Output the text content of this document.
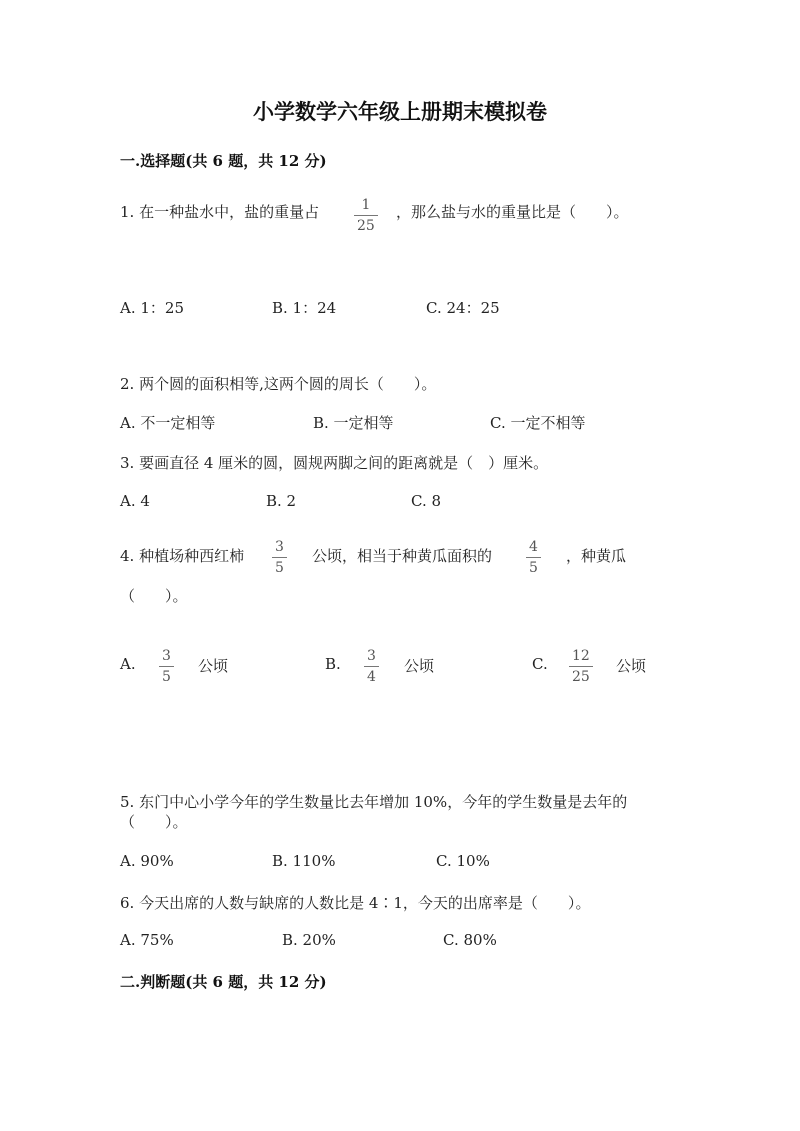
小学数学六年级上册期末模拟卷
一.选择题(共 6 题，共 12 分)
1. 在一种盐水中，盐的重量占	1
25
，那么盐与水的重量比是（　　）。
A. 1：25	B. 1：24	C. 24：25
2. 两个圆的面积相等,这两个圆的周长（　　）。
A. 不一定相等	B. 一定相等	C. 一定不相等
3. 要画直径 4 厘米的圆，圆规两脚之间的距离就是（　）厘米。
A. 4	B. 2	C. 8
4. 种植场种西红柿 3
5
公顷，相当于种黄瓜面积的	4
5
，种黄瓜
（　　）。
A. 3
5
公顷	B. 3
4
公顷	C. 12
25
公顷
5. 东门中心小学今年的学生数量比去年增加 10%，今年的学生数量是去年的
（　　）。
A. 90%	B. 110%	C. 10%
6. 今天出席的人数与缺席的人数比是 4∶1，今天的出席率是（　　）。
A. 75%	B. 20%	C. 80%
二.判断题(共 6 题，共 12 分)
